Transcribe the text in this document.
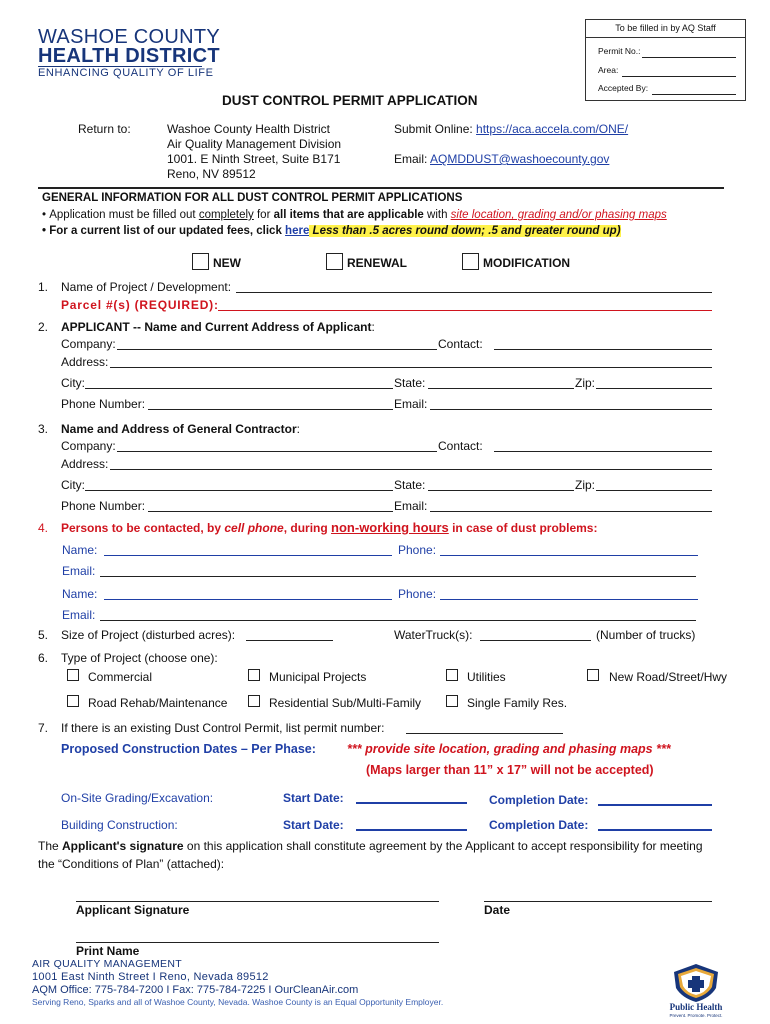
WASHOE COUNTY
HEALTH DISTRICT
ENHANCING QUALITY OF LIFE
To be filled in by AQ Staff
Permit No.:
Area:
Accepted By:
DUST CONTROL PERMIT APPLICATION
Return to:	Washoe County Health District
Air Quality Management Division
1001. E Ninth Street, Suite B171
Reno, NV 89512
Submit Online: https://aca.accela.com/ONE/
Email: AQMDDUST@washoecounty.gov
GENERAL INFORMATION FOR ALL DUST CONTROL PERMIT APPLICATIONS
• Application must be filled out completely for all items that are applicable with site location, grading and/or phasing maps
• For a current list of our updated fees, click here Less than .5 acres round down; .5 and greater round up)
NEW	RENEWAL	MODIFICATION
1. Name of Project / Development:
Parcel #(s) (REQUIRED):
2. APPLICANT -- Name and Current Address of Applicant:
Company:	Contact:
Address:
City:	State:	Zip:
Phone Number:	Email:
3. Name and Address of General Contractor:
Company:	Contact:
Address:
City:	State:	Zip:
Phone Number:	Email:
4. Persons to be contacted, by cell phone, during non-working hours in case of dust problems:
Name:	Phone:
Email:
Name:	Phone:
Email:
5. Size of Project (disturbed acres):	WaterTruck(s):	(Number of trucks)
6. Type of Project (choose one):
Commercial	Municipal Projects	Utilities	New Road/Street/Hwy
Road Rehab/Maintenance	Residential Sub/Multi-Family	Single Family Res.
7. If there is an existing Dust Control Permit, list permit number:
Proposed Construction Dates – Per Phase: *** provide site location, grading and phasing maps ***
(Maps larger than 11” x 17” will not be accepted)
On-Site Grading/Excavation:	Start Date:	Completion Date:
Building Construction:	Start Date:	Completion Date:
The Applicant's signature on this application shall constitute agreement by the Applicant to accept responsibility for meeting
the “Conditions of Plan” (attached):
Applicant Signature	Date
Print Name
AIR QUALITY MANAGEMENT
1001 East Ninth Street I Reno, Nevada 89512
AQM Office: 775-784-7200 I Fax: 775-784-7225 I OurCleanAir.com
Serving Reno, Sparks and all of Washoe County, Nevada. Washoe County is an Equal Opportunity Employer.	Public Health
Prevent. Promote. Protect.
